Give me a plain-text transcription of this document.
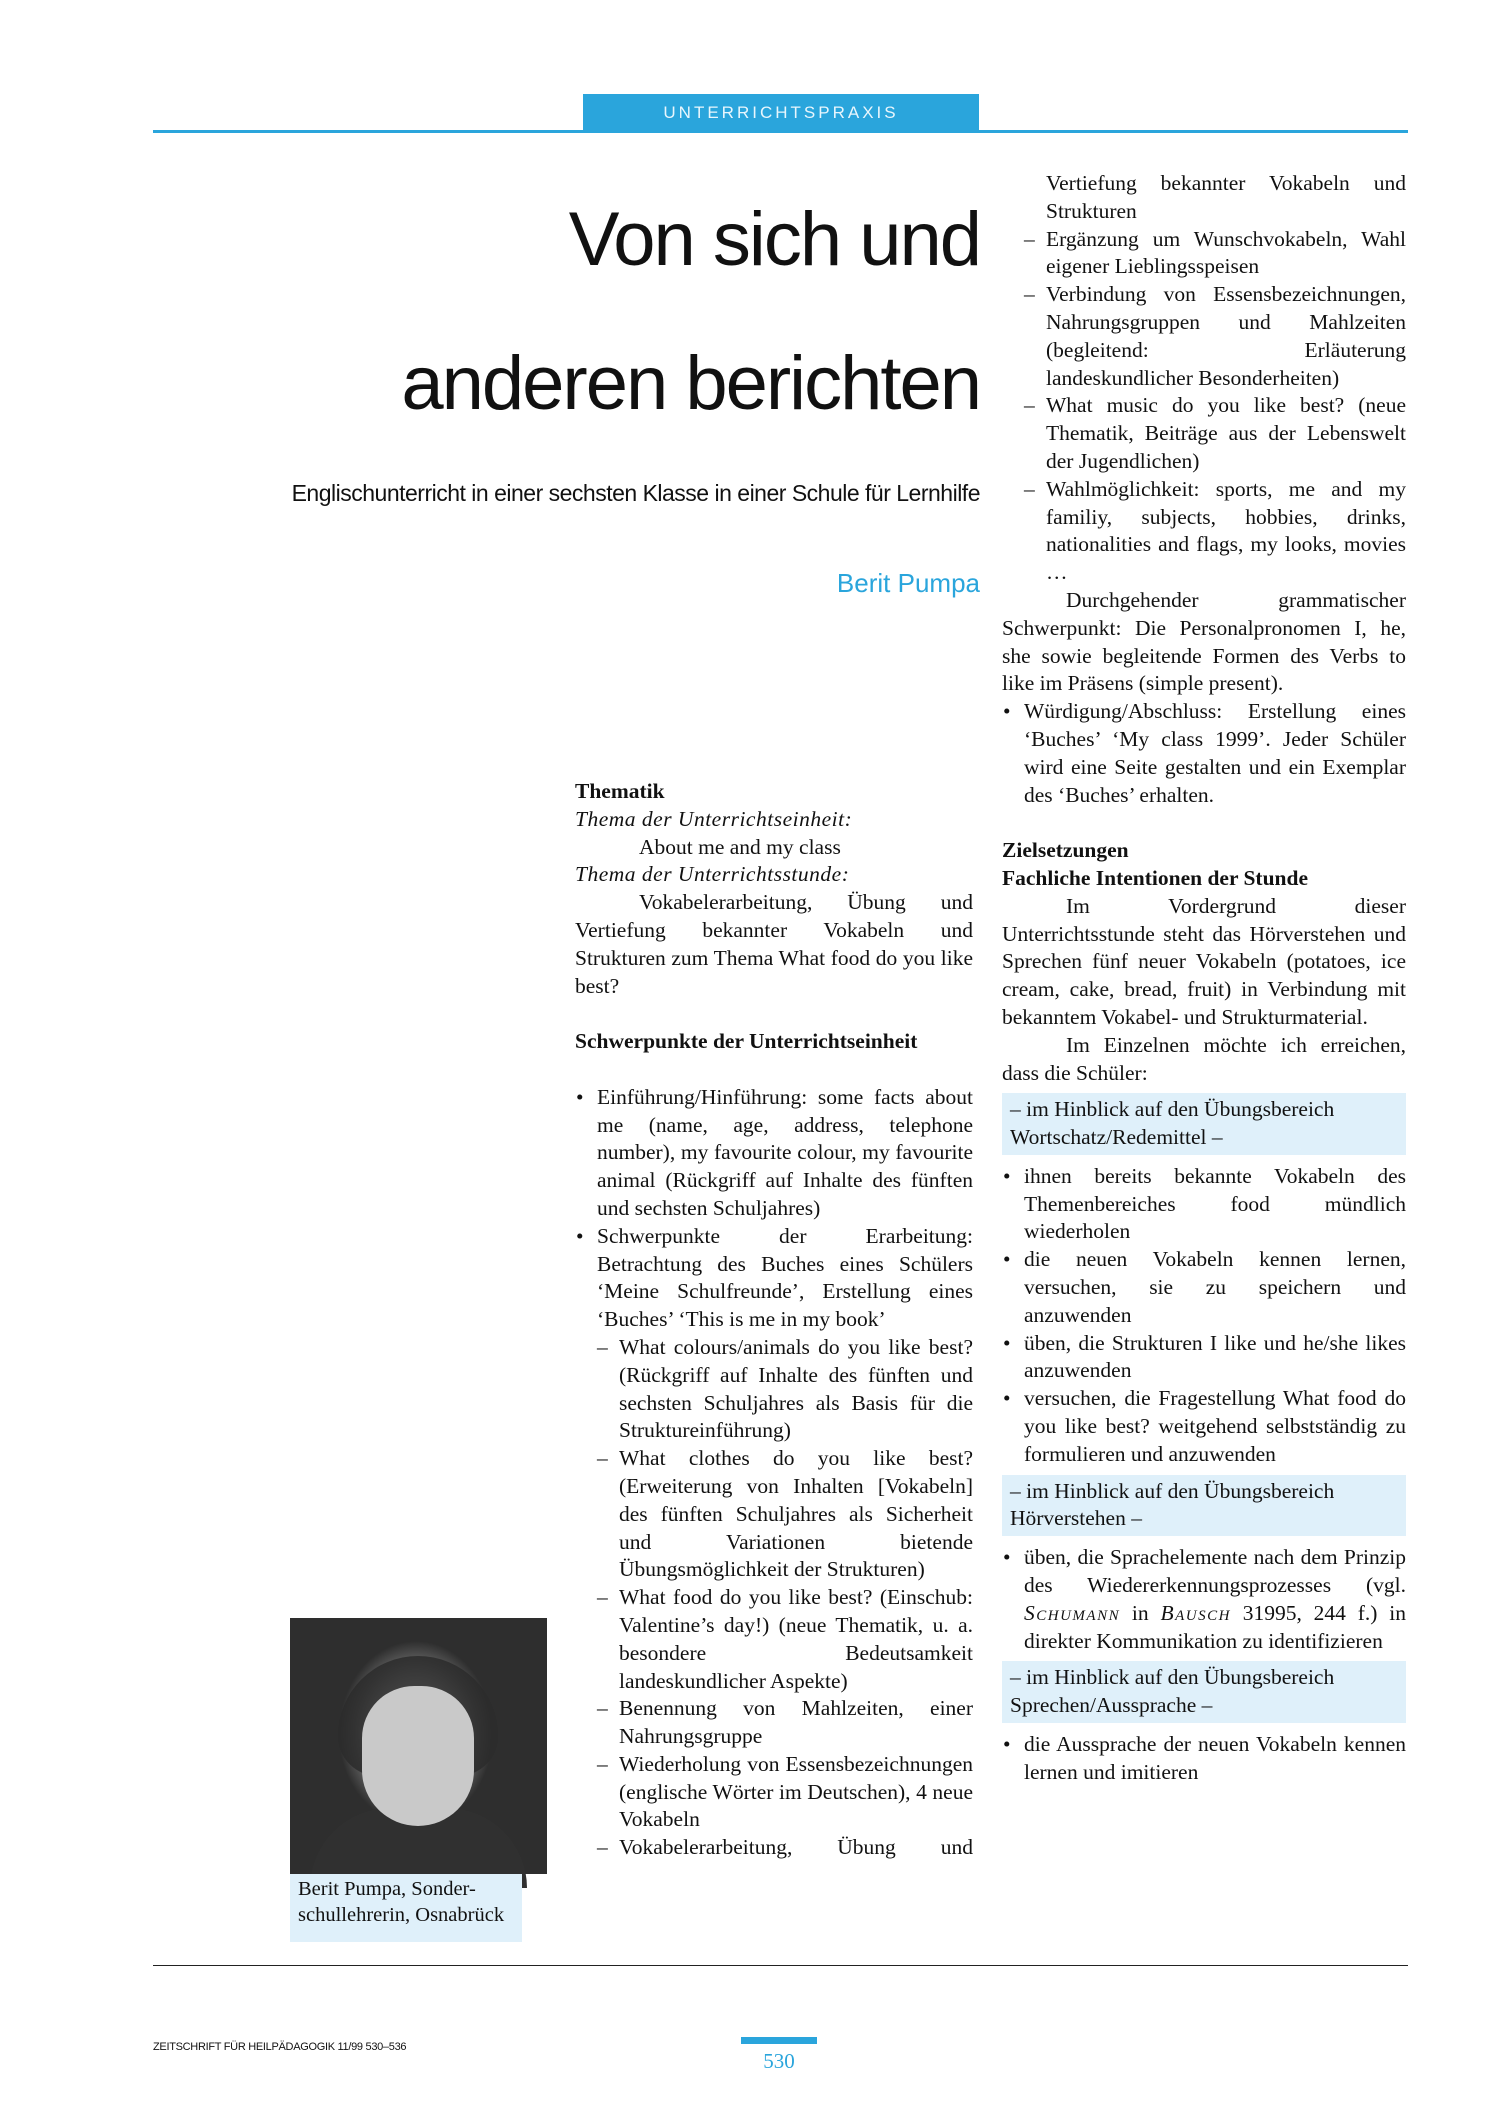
UNTERRICHTSPRAXIS
Von sich und
anderen berichten
Englischunterricht in einer sechsten Klasse in einer Schule für Lernhilfe
Berit Pumpa

Thematik

Thema der Unterrichtseinheit:

About me and my class

Thema der Unterrichtsstunde:

Vokabelerarbeitung, Übung und Vertiefung bekannter Vokabeln und Strukturen zum Thema What food do you like best?

Schwerpunkte der Unterrichtseinheit

• Einführung/Hinführung: some facts about me (name, age, address, telephone number), my favourite colour, my favourite animal (Rückgriff auf Inhalte des fünften und sechsten Schuljahres)
• Schwerpunkte der Erarbeitung: Betrachtung des Buches eines Schülers ‘Meine Schulfreunde’, Erstellung eines ‘Buches’ ‘This is me in my book’
– What colours/animals do you like best? (Rückgriff auf Inhalte des fünften und sechsten Schuljahres als Basis für die Struktureinführung)
– What clothes do you like best? (Erweiterung von Inhalten [Vokabeln] des fünften Schuljahres als Sicherheit und Variationen bietende Übungsmöglichkeit der Strukturen)
– What food do you like best? (Einschub: Valentine’s day!) (neue Thematik, u. a. besondere Bedeutsamkeit landeskundlicher Aspekte)
– Benennung von Mahlzeiten, einer Nahrungsgruppe
– Wiederholung von Essensbezeichnungen (englische Wörter im Deutschen), 4 neue Vokabeln
– Vokabelerarbeitung, Übung und
Vertiefung bekannter Vokabeln und Strukturen
– Ergänzung um Wunschvokabeln, Wahl eigener Lieblingsspeisen
– Verbindung von Essensbezeichnungen, Nahrungsgruppen und Mahlzeiten (begleitend: Erläuterung landeskundlicher Besonderheiten)
– What music do you like best? (neue Thematik, Beiträge aus der Lebenswelt der Jugendlichen)
– Wahlmöglichkeit: sports, me and my familiy, subjects, hobbies, drinks, nationalities and flags, my looks, movies …

Durchgehender grammatischer Schwerpunkt: Die Personalpronomen I, he, she sowie begleitende Formen des Verbs to like im Präsens (simple present).

• Würdigung/Abschluss: Erstellung eines ‘Buches’ ‘My class 1999’. Jeder Schüler wird eine Seite gestalten und ein Exemplar des ‘Buches’ erhalten.

Zielsetzungen

Fachliche Intentionen der Stunde

Im Vordergrund dieser Unterrichtsstunde steht das Hörverstehen und Sprechen fünf neuer Vokabeln (potatoes, ice cream, cake, bread, fruit) in Verbindung mit bekanntem Vokabel- und Strukturmaterial.

Im Einzelnen möchte ich erreichen, dass die Schüler:

– im Hinblick auf den Übungsbereich Wortschatz/Redemittel –
• ihnen bereits bekannte Vokabeln des Themenbereiches food mündlich wiederholen
• die neuen Vokabeln kennen lernen, versuchen, sie zu speichern und anzuwenden
• üben, die Strukturen I like und he/she likes anzuwenden
• versuchen, die Fragestellung What food do you like best? weitgehend selbstständig zu formulieren und anzuwenden
– im Hinblick auf den Übungsbereich Hörverstehen –
• üben, die Sprachelemente nach dem Prinzip des Wiedererkennungsprozesses (vgl. Schumann in Bausch 31995, 244 f.) in direkter Kommunikation zu identifizieren
– im Hinblick auf den Übungsbereich Sprechen/Aussprache –
• die Aussprache der neuen Vokabeln kennen lernen und imitieren
Berit Pumpa, Sonder-
schullehrerin, Osnabrück
ZEITSCHRIFT FÜR HEILPÄDAGOGIK 11/99 530–536
530
